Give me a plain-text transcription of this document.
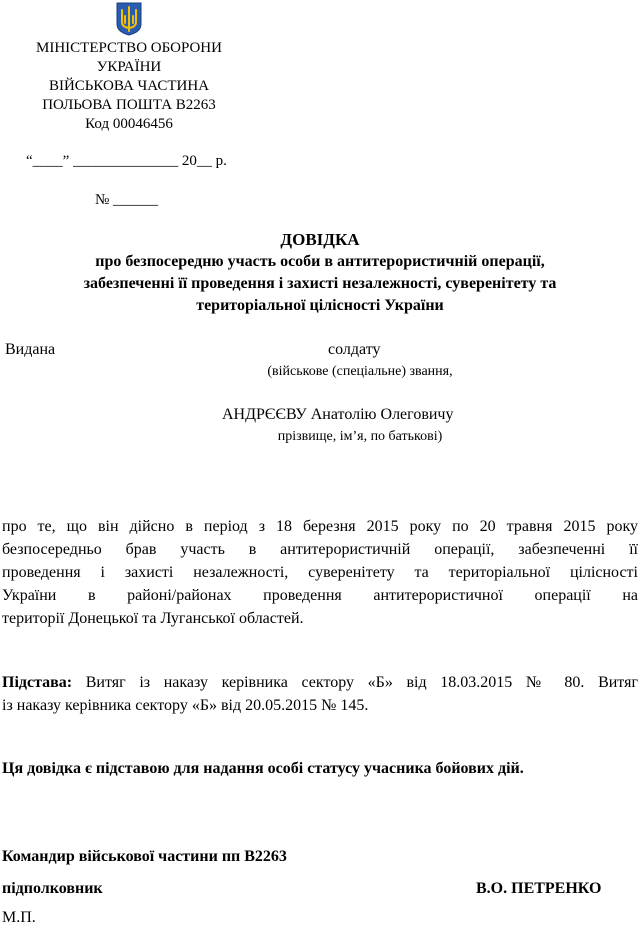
МІНІСТЕРСТВО ОБОРОНИ
УКРАЇНИ
ВІЙСЬКОВА ЧАСТИНА
ПОЛЬОВА ПОШТА В2263
Код 00046456
“____” ______________ 20__ р.
№ ______
ДОВІДКА
про безпосередню участь особи в антитерористичній операції,
забезпеченні її проведення і захисті незалежності, суверенітету та
територіальної цілісності України
Видана	солдату
(військове (спеціальне) звання,
АНДРЄЄВУ Анатолію Олеговичу
прізвище, ім’я, по батькові)
про те, що він дійсно в період з 18 березня 2015 року по 20 травня 2015 року
безпосередньо брав участь в антитерористичній операції, забезпеченні її
проведення і захисті незалежності, суверенітету та територіальної цілісності
України в районі/районах проведення антитерористичної операції на
території Донецької та Луганської областей.
Підстава: Витяг із наказу керівника сектору «Б» від 18.03.2015 № 80. Витяг
із наказу керівника сектору «Б» від 20.05.2015 № 145.
Ця довідка є підставою для надання особі статусу учасника бойових дій.
Командир військової частини пп В2263
підполковник	В.О. ПЕТРЕНКО
М.П.
